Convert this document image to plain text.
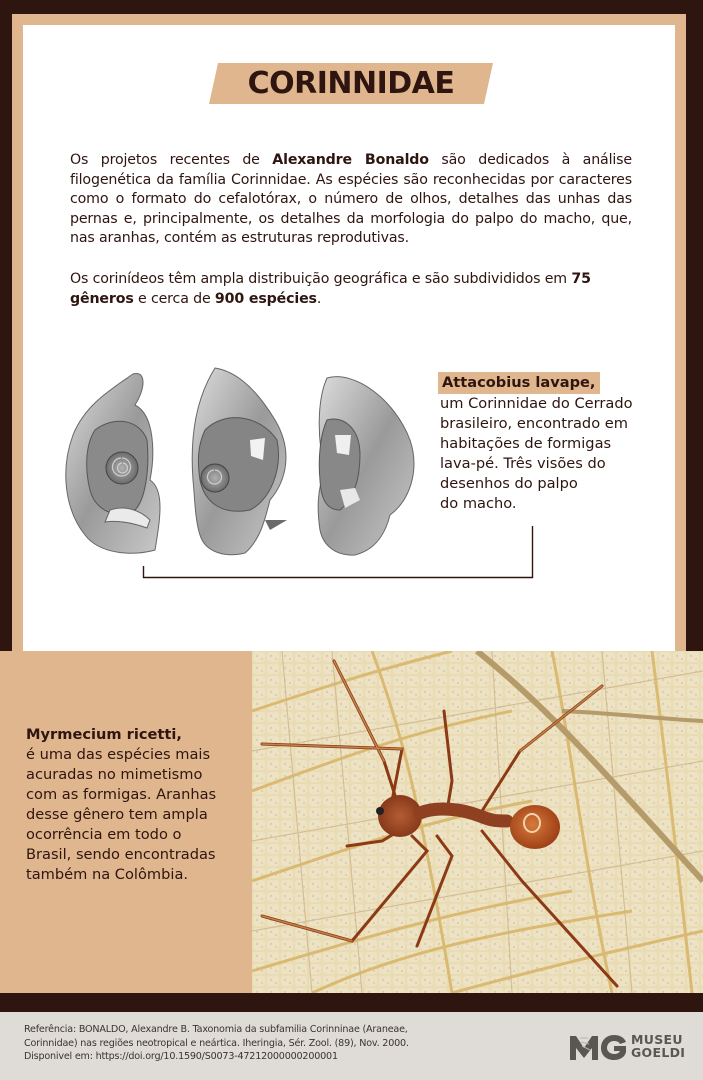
CORINNIDAE

Os projetos recentes de Alexandre Bonaldo são dedicados à análise filogenética da família Corinnidae. As espécies são reconhecidas por caracteres como o formato do cefalotórax, o número de olhos, detalhes das unhas das pernas e, principalmente, os detalhes da morfologia do palpo do macho, que, nas aranhas, contém as estruturas reprodutivas.

Os corinídeos têm ampla distribuição geográfica e são subdivididos em 75 gêneros e cerca de 900 espécies.

Attacobius lavape,
um Corinnidae do Cerrado
brasileiro, encontrado em
habitações de formigas
lava-pé. Três visões do
desenhos do palpo
do macho.
Myrmecium ricetti,
é uma das espécies mais
acuradas no mimetismo
com as formigas. Aranhas
desse gênero tem ampla
ocorrência em todo o
Brasil, sendo encontradas
também na Colômbia.
Referência: BONALDO, Alexandre B. Taxonomia da subfamilia Corinninae (Araneae,
Corinnidae) nas regiões neotropical e neártica. Iheringia, Sér. Zool. (89), Nov. 2000.
Disponivel em: https://doi.org/10.1590/S0073-47212000000200001
MUSEU
GOELDI
